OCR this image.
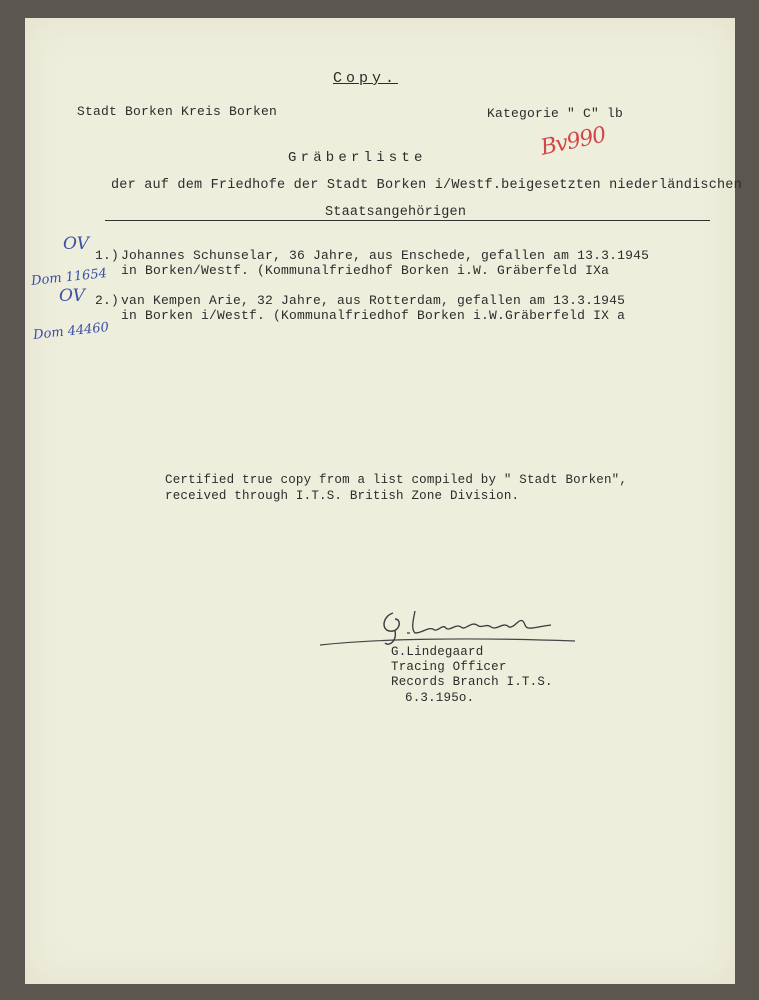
Copy.
Stadt Borken Kreis Borken	Kategorie " C" lb
Bv990
Gräberliste
der auf dem Friedhofe der Stadt Borken i/Westf.beigesetzten niederländischen
Staatsangehörigen
OV
1.) Johannes Schunselar, 36 Jahre, aus Enschede, gefallen am 13.3.1945
in Borken/Westf. (Kommunalfriedhof Borken i.W. Gräberfeld IXa
Dom 11654
OV 2.) van Kempen Arie, 32 Jahre, aus Rotterdam, gefallen am 13.3.1945
in Borken i/Westf. (Kommunalfriedhof Borken i.W.Gräberfeld IX a
Dom 44460
Certified true copy from a list compiled by " Stadt Borken",
received through I.T.S. British Zone Division.
G.Lindegaard
Tracing Officer
Records Branch I.T.S.
6.3.195o.
